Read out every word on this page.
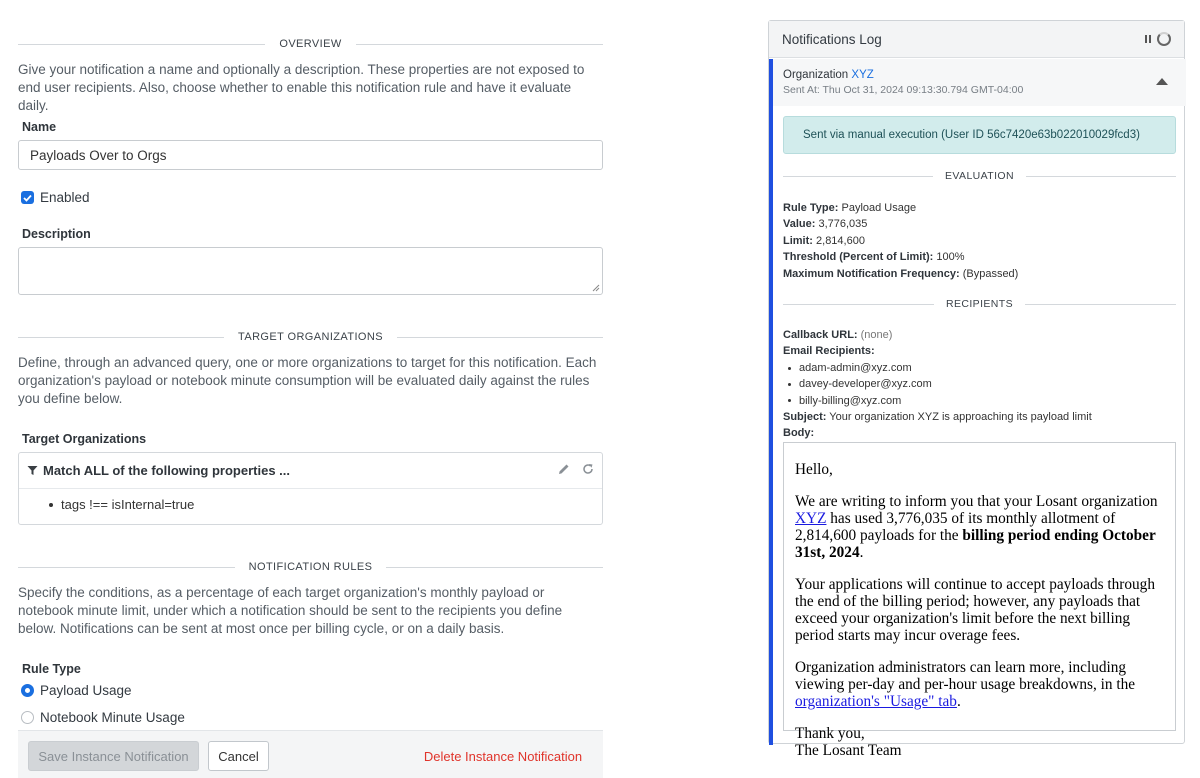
OVERVIEW
Give your notification a name and optionally a description. These properties are not exposed to end user recipients. Also, choose whether to enable this notification rule and have it evaluate daily.
Name
Payloads Over to Orgs
Enabled
Description
TARGET ORGANIZATIONS
Define, through an advanced query, one or more organizations to target for this notification. Each organization's payload or notebook minute consumption will be evaluated daily against the rules you define below.
Target Organizations
Match ALL of the following properties ...
tags !== isInternal=true
NOTIFICATION RULES
Specify the conditions, as a percentage of each target organization's monthly payload or notebook minute limit, under which a notification should be sent to the recipients you define below. Notifications can be sent at most once per billing cycle, or on a daily basis.
Rule Type
Payload Usage
Notebook Minute Usage
Save Instance Notification	Cancel	Delete Instance Notification
Notifications Log
Organization XYZ
Sent At: Thu Oct 31, 2024 09:13:30.794 GMT-04:00
Sent via manual execution (User ID 56c7420e63b022010029fcd3)
EVALUATION
Rule Type: Payload Usage
Value: 3,776,035
Limit: 2,814,600
Threshold (Percent of Limit): 100%
Maximum Notification Frequency: (Bypassed)
RECIPIENTS
Callback URL: (none)
Email Recipients:
adam-admin@xyz.com
davey-developer@xyz.com
billy-billing@xyz.com
Subject: Your organization XYZ is approaching its payload limit
Body:

Hello,

We are writing to inform you that your Losant organization XYZ has used 3,776,035 of its monthly allotment of 2,814,600 payloads for the billing period ending October 31st, 2024.

Your applications will continue to accept payloads through the end of the billing period; however, any payloads that exceed your organization's limit before the next billing period starts may incur overage fees.

Organization administrators can learn more, including viewing per-day and per-hour usage breakdowns, in the organization's "Usage" tab.

Thank you,
The Losant Team
